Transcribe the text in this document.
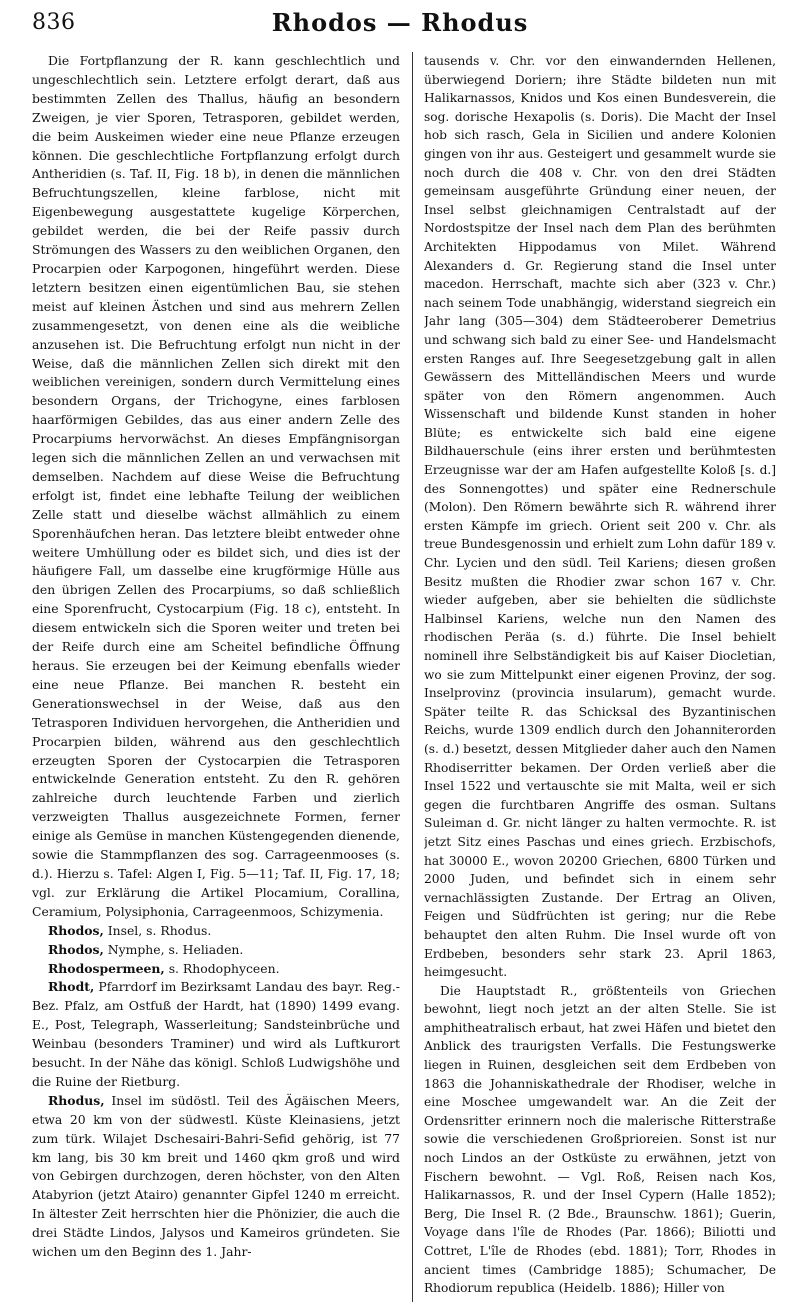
836	Rhodos — Rhodus

Die Fortpflanzung der R. kann geschlechtlich und ungeschlechtlich sein. Letztere erfolgt derart, daß aus bestimmten Zellen des Thallus, häufig an besondern Zweigen, je vier Sporen, Tetrasporen, gebildet werden, die beim Auskeimen wieder eine neue Pflanze erzeugen können. Die geschlechtliche Fortpflanzung erfolgt durch Antheridien (s. Taf. II, Fig. 18 b), in denen die männlichen Befruchtungszellen, kleine farblose, nicht mit Eigenbewegung ausgestattete kugelige Körperchen, gebildet werden, die bei der Reife passiv durch Strömungen des Wassers zu den weiblichen Organen, den Procarpien oder Karpogonen, hingeführt werden. Diese letztern besitzen einen eigentümlichen Bau, sie stehen meist auf kleinen Ästchen und sind aus mehrern Zellen zusammengesetzt, von denen eine als die weibliche anzusehen ist. Die Befruchtung erfolgt nun nicht in der Weise, daß die männlichen Zellen sich direkt mit den weiblichen vereinigen, sondern durch Vermittelung eines besondern Organs, der Trichogyne, eines farblosen haarförmigen Gebildes, das aus einer andern Zelle des Procarpiums hervorwächst. An dieses Empfängnisorgan legen sich die männlichen Zellen an und verwachsen mit demselben. Nachdem auf diese Weise die Befruchtung erfolgt ist, findet eine lebhafte Teilung der weiblichen Zelle statt und dieselbe wächst allmählich zu einem Sporenhäufchen heran. Das letztere bleibt entweder ohne weitere Umhüllung oder es bildet sich, und dies ist der häufigere Fall, um dasselbe eine krugförmige Hülle aus den übrigen Zellen des Procarpiums, so daß schließlich eine Sporenfrucht, Cystocarpium (Fig. 18 c), entsteht. In diesem entwickeln sich die Sporen weiter und treten bei der Reife durch eine am Scheitel befindliche Öffnung heraus. Sie erzeugen bei der Keimung ebenfalls wieder eine neue Pflanze. Bei manchen R. besteht ein Generationswechsel in der Weise, daß aus den Tetrasporen Individuen hervorgehen, die Antheridien und Procarpien bilden, während aus den geschlechtlich erzeugten Sporen der Cystocarpien die Tetrasporen entwickelnde Generation entsteht. Zu den R. gehören zahlreiche durch leuchtende Farben und zierlich verzweigten Thallus ausgezeichnete Formen, ferner einige als Gemüse in manchen Küstengegenden dienende, sowie die Stammpflanzen des sog. Carrageenmooses (s. d.). Hierzu s. Tafel: Algen I, Fig. 5—11; Taf. II, Fig. 17, 18; vgl. zur Erklärung die Artikel Plocamium, Corallina, Ceramium, Polysiphonia, Carrageenmoos, Schizymenia.

Rhodos, Insel, s. Rhodus.

Rhodos, Nymphe, s. Heliaden.

Rhodospermeen, s. Rhodophyceen.

Rhodt, Pfarrdorf im Bezirksamt Landau des bayr. Reg.-Bez. Pfalz, am Ostfuß der Hardt, hat (1890) 1499 evang. E., Post, Telegraph, Wasserleitung; Sandsteinbrüche und Weinbau (besonders Traminer) und wird als Luftkurort besucht. In der Nähe das königl. Schloß Ludwigshöhe und die Ruine der Rietburg.

Rhodus, Insel im südöstl. Teil des Ägäischen Meers, etwa 20 km von der südwestl. Küste Kleinasiens, jetzt zum türk. Wilajet Dschesairi-Bahri-Sefid gehörig, ist 77 km lang, bis 30 km breit und 1460 qkm groß und wird von Gebirgen durchzogen, deren höchster, von den Alten Atabyrion (jetzt Atairo) genannter Gipfel 1240 m erreicht. In ältester Zeit herrschten hier die Phönizier, die auch die drei Städte Lindos, Jalysos und Kameiros gründeten. Sie wichen um den Beginn des 1. Jahr-

tausends v. Chr. vor den einwandernden Hellenen, überwiegend Doriern; ihre Städte bildeten nun mit Halikarnassos, Knidos und Kos einen Bundesverein, die sog. dorische Hexapolis (s. Doris). Die Macht der Insel hob sich rasch, Gela in Sicilien und andere Kolonien gingen von ihr aus. Gesteigert und gesammelt wurde sie noch durch die 408 v. Chr. von den drei Städten gemeinsam ausgeführte Gründung einer neuen, der Insel selbst gleichnamigen Centralstadt auf der Nordostspitze der Insel nach dem Plan des berühmten Architekten Hippodamus von Milet. Während Alexanders d. Gr. Regierung stand die Insel unter macedon. Herrschaft, machte sich aber (323 v. Chr.) nach seinem Tode unabhängig, widerstand siegreich ein Jahr lang (305—304) dem Städteeroberer Demetrius und schwang sich bald zu einer See- und Handelsmacht ersten Ranges auf. Ihre Seegesetzgebung galt in allen Gewässern des Mittelländischen Meers und wurde später von den Römern angenommen. Auch Wissenschaft und bildende Kunst standen in hoher Blüte; es entwickelte sich bald eine eigene Bildhauerschule (eins ihrer ersten und berühmtesten Erzeugnisse war der am Hafen aufgestellte Koloß [s. d.] des Sonnengottes) und später eine Rednerschule (Molon). Den Römern bewährte sich R. während ihrer ersten Kämpfe im griech. Orient seit 200 v. Chr. als treue Bundesgenossin und erhielt zum Lohn dafür 189 v. Chr. Lycien und den südl. Teil Kariens; diesen großen Besitz mußten die Rhodier zwar schon 167 v. Chr. wieder aufgeben, aber sie behielten die südlichste Halbinsel Kariens, welche nun den Namen des rhodischen Peräa (s. d.) führte. Die Insel behielt nominell ihre Selbständigkeit bis auf Kaiser Diocletian, wo sie zum Mittelpunkt einer eigenen Provinz, der sog. Inselprovinz (provincia insularum), gemacht wurde. Später teilte R. das Schicksal des Byzantinischen Reichs, wurde 1309 endlich durch den Johanniterorden (s. d.) besetzt, dessen Mitglieder daher auch den Namen Rhodiserritter bekamen. Der Orden verließ aber die Insel 1522 und vertauschte sie mit Malta, weil er sich gegen die furchtbaren Angriffe des osman. Sultans Suleiman d. Gr. nicht länger zu halten vermochte. R. ist jetzt Sitz eines Paschas und eines griech. Erzbischofs, hat 30000 E., wovon 20200 Griechen, 6800 Türken und 2000 Juden, und befindet sich in einem sehr vernachlässigten Zustande. Der Ertrag an Oliven, Feigen und Südfrüchten ist gering; nur die Rebe behauptet den alten Ruhm. Die Insel wurde oft von Erdbeben, besonders sehr stark 23. April 1863, heimgesucht.

Die Hauptstadt R., größtenteils von Griechen bewohnt, liegt noch jetzt an der alten Stelle. Sie ist amphitheatralisch erbaut, hat zwei Häfen und bietet den Anblick des traurigsten Verfalls. Die Festungswerke liegen in Ruinen, desgleichen seit dem Erdbeben von 1863 die Johanniskathedrale der Rhodiser, welche in eine Moschee umgewandelt war. An die Zeit der Ordensritter erinnern noch die malerische Ritterstraße sowie die verschiedenen Großprioreien. Sonst ist nur noch Lindos an der Ostküste zu erwähnen, jetzt von Fischern bewohnt. — Vgl. Roß, Reisen nach Kos, Halikarnassos, R. und der Insel Cypern (Halle 1852); Berg, Die Insel R. (2 Bde., Braunschw. 1861); Guerin, Voyage dans l'île de Rhodes (Par. 1866); Biliotti und Cottret, L'île de Rhodes (ebd. 1881); Torr, Rhodes in ancient times (Cambridge 1885); Schumacher, De Rhodiorum republica (Heidelb. 1886); Hiller von
